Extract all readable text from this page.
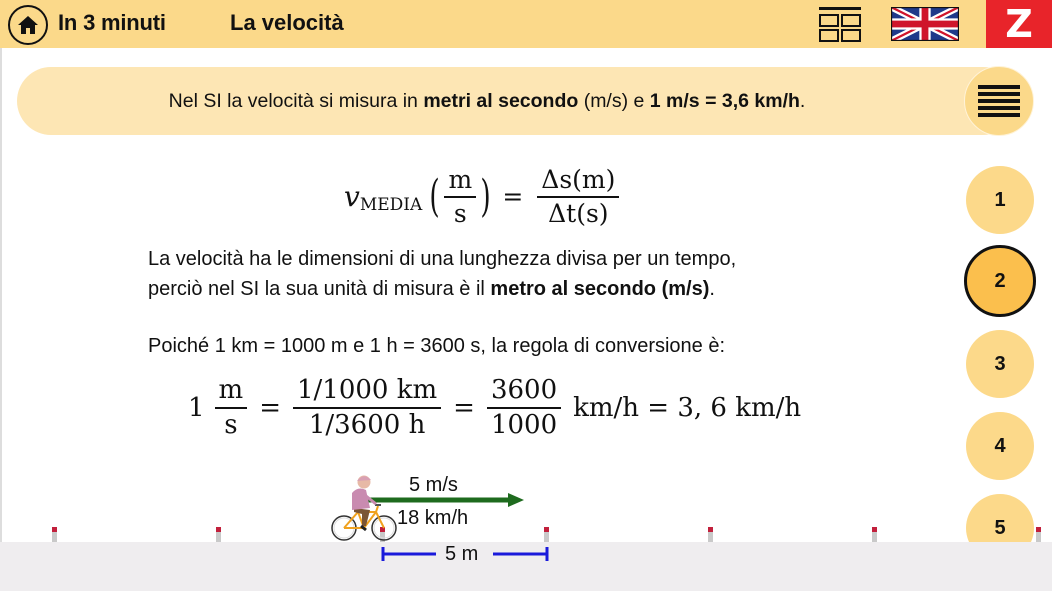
In 3 minuti	La velocità	Z
Nel SI la velocità si misura in metri al secondo (m/s) e 1 m/s = 3,6 km/h.
1
2
3
4
5
v MEDIA ( $\frac{m}{s}$ ) = $\frac{\Delta s(m)}{\Delta t(s)}$
La velocità ha le dimensioni di una lunghezza divisa per un tempo,
perciò nel SI la sua unità di misura è il metro al secondo (m/s).
Poiché 1 km = 1000 m e 1 h = 3600 s, la regola di conversione è:
$1 \frac{m}{s} = \frac{1/1000 km}{1/3600 h} = \frac{3600}{1000} km/h = 3$, 6 km/h
5 m/s
18 km/h
5 m
